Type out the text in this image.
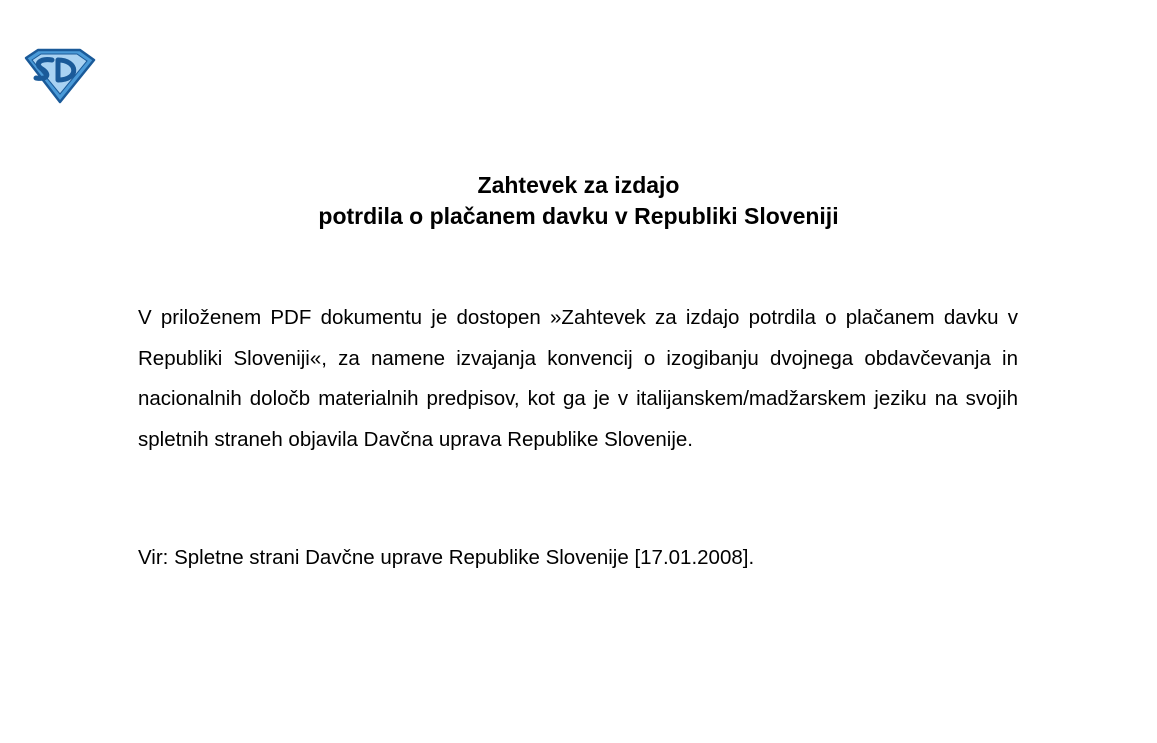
Zahtevek za izdajo
potrdila o plačanem davku v Republiki Sloveniji

V priloženem PDF dokumentu je dostopen »Zahtevek za izdajo potrdila o plačanem davku v Republiki Sloveniji«, za namene izvajanja konvencij o izogibanju dvojnega obdavčevanja in nacionalnih določb materialnih predpisov, kot ga je v italijanskem/madžarskem jeziku na svojih spletnih straneh objavila Davčna uprava Republike Slovenije.

Vir: Spletne strani Davčne uprave Republike Slovenije [17.01.2008].
